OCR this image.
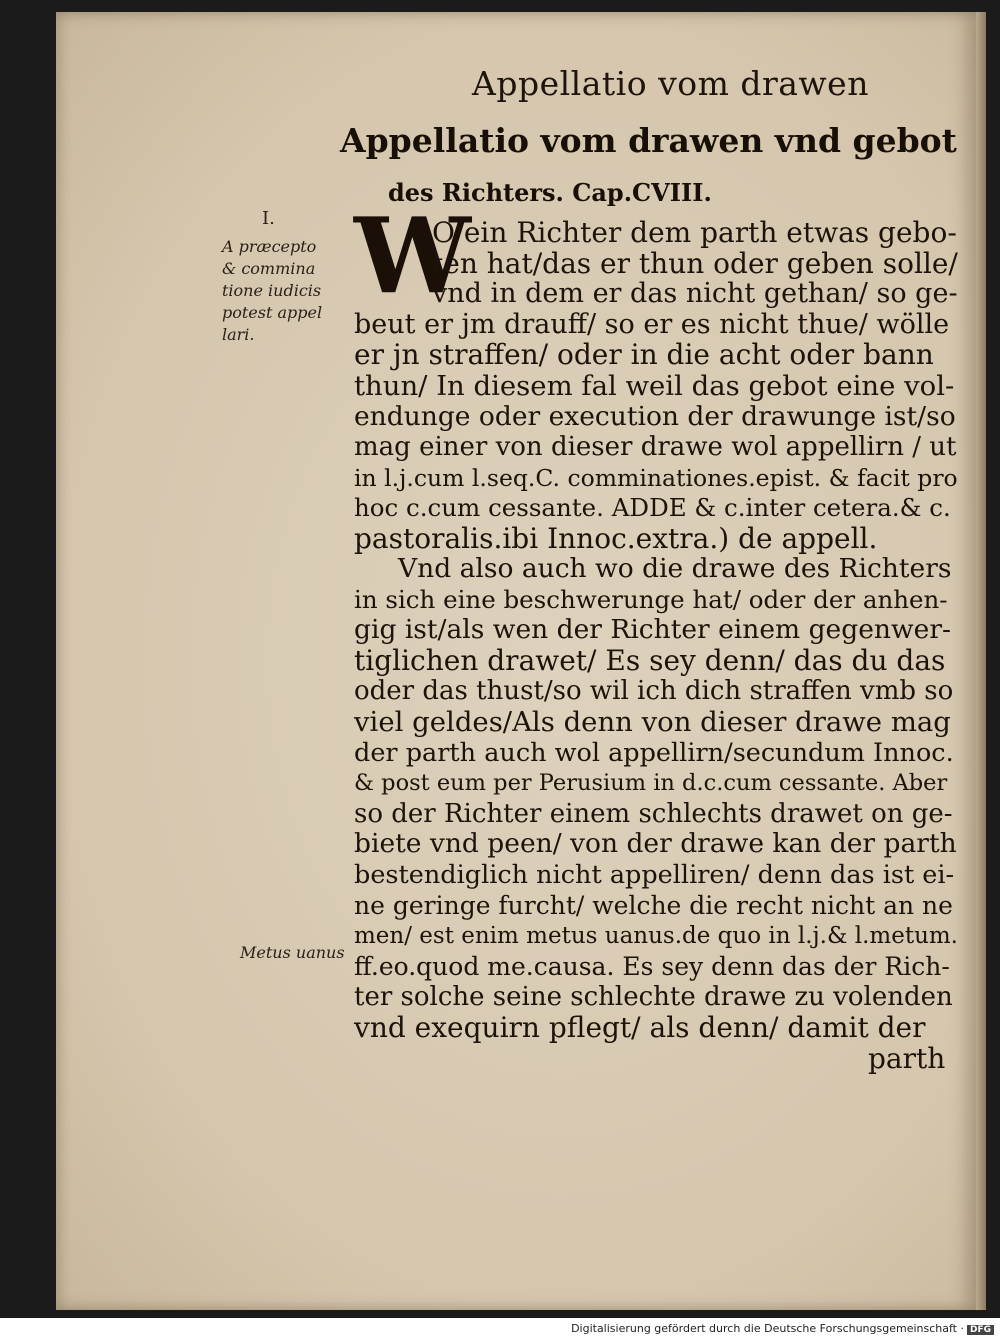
Appellatio vom drawen
Appellatio vom drawen vnd gebot
des Richters. Cap.CVIII.
I.
A præcepto
& commina
tione iudicis
potest appel
lari.
Metus uanus
W
O ein Richter dem parth etwas gebo-
ten hat/das er thun oder geben solle/
vnd in dem er das nicht gethan/ so ge-
beut er jm drauff/ so er es nicht thue/ wölle
er jn straffen/ oder in die acht oder bann
thun/ In diesem fal weil das gebot eine vol-
endunge oder execution der drawunge ist/so
mag einer von dieser drawe wol appellirn / ut
in l.j.cum l.seq.C. comminationes.epist. & facit pro
hoc c.cum cessante. ADDE & c.inter cetera.& c.
pastoralis.ibi Innoc.extra.) de appell.
Vnd also auch wo die drawe des Richters
in sich eine beschwerunge hat/ oder der anhen-
gig ist/als wen der Richter einem gegenwer-
tiglichen drawet/ Es sey denn/ das du das
oder das thust/so wil ich dich straffen vmb so
viel geldes/Als denn von dieser drawe mag
der parth auch wol appellirn/secundum Innoc.
& post eum per Perusium in d.c.cum cessante. Aber
so der Richter einem schlechts drawet on ge-
biete vnd peen/ von der drawe kan der parth
bestendiglich nicht appelliren/ denn das ist ei-
ne geringe furcht/ welche die recht nicht an ne
men/ est enim metus uanus.de quo in l.j.& l.metum.
ff.eo.quod me.causa. Es sey denn das der Rich-
ter solche seine schlechte drawe zu volenden
vnd exequirn pflegt/ als denn/ damit der
parth
Digitalisierung gefördert durch die Deutsche Forschungsgemeinschaft · DFG
